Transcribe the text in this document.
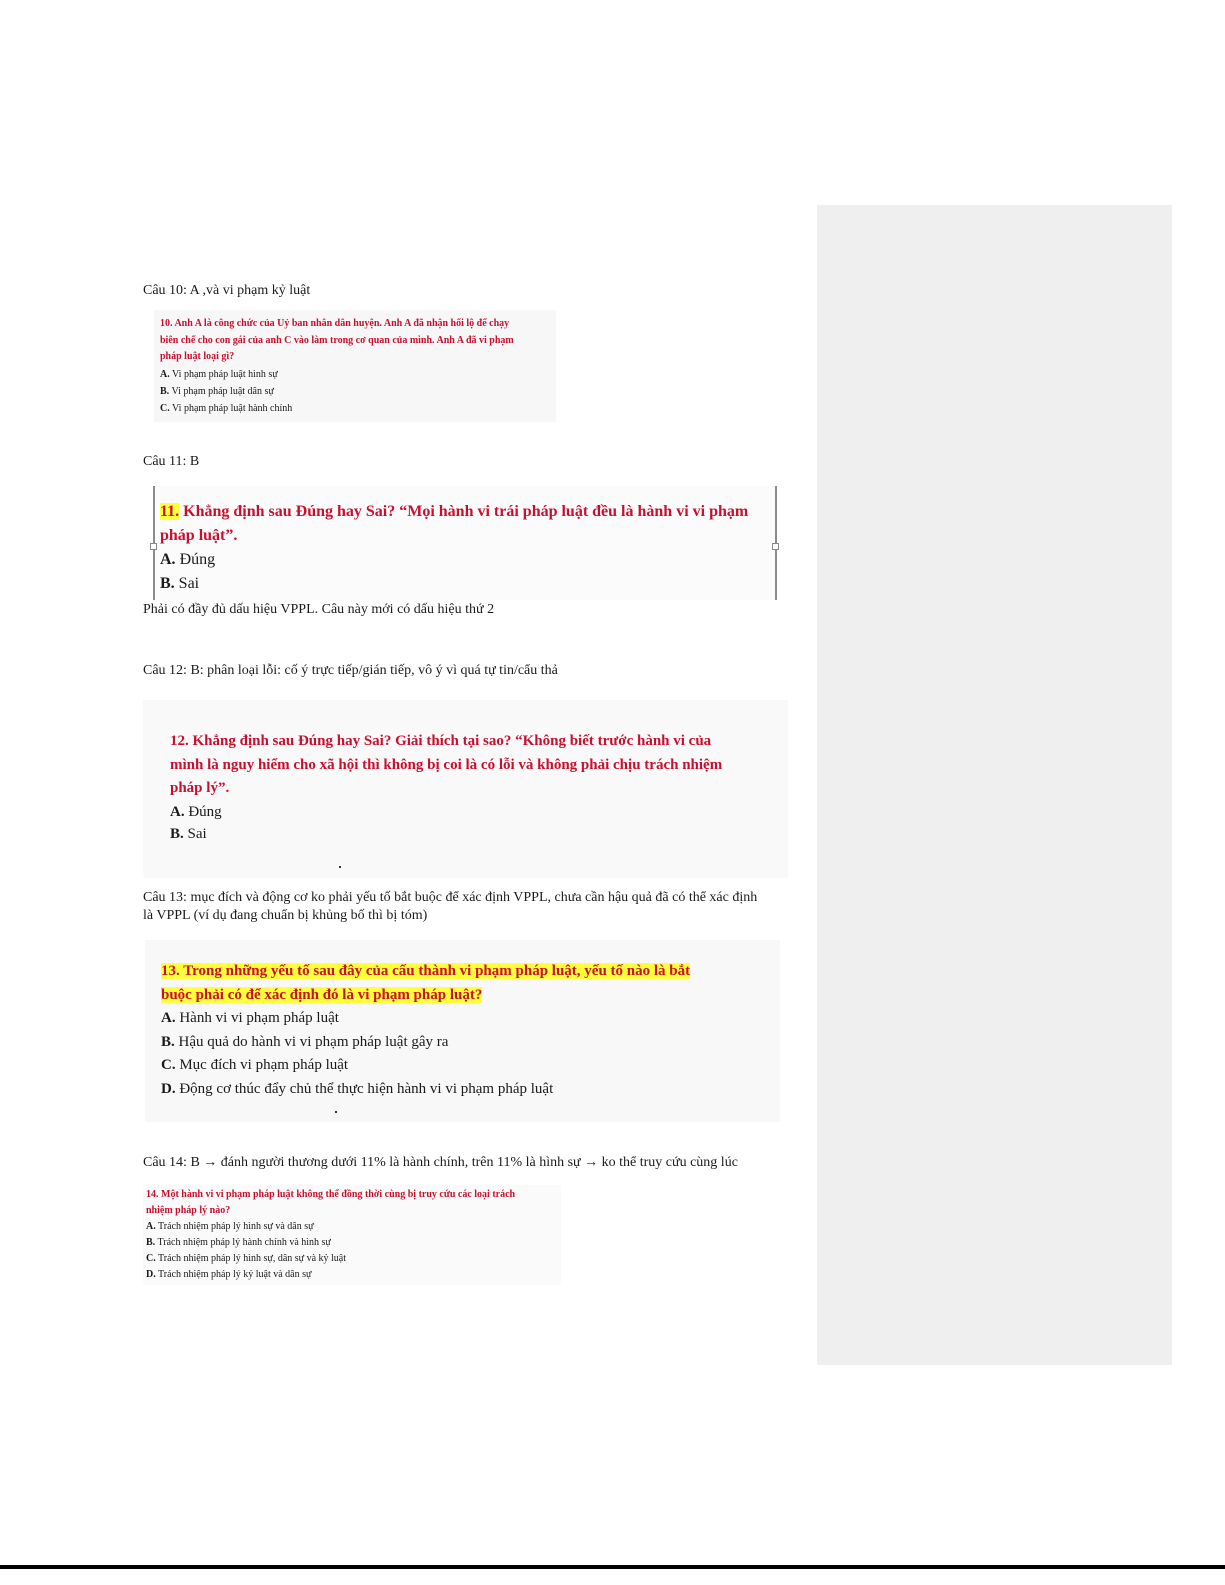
Câu 10: A ,và vi phạm kỷ luật

10. Anh A là công chức của Uỷ ban nhân dân huyện. Anh A đã nhận hối lộ để chạy

biên chế cho con gái của anh C vào làm trong cơ quan của mình. Anh A đã vi phạm

pháp luật loại gì?

A. Vi phạm pháp luật hình sự

B. Vi phạm pháp luật dân sự

C. Vi phạm pháp luật hành chính

Câu 11: B

11. Khẳng định sau Đúng hay Sai? “Mọi hành vi trái pháp luật đều là hành vi vi phạm

pháp luật”.

A. Đúng

B. Sai

Phải có đầy đủ dấu hiệu VPPL. Câu này mới có dấu hiệu thứ 2

Câu 12: B: phân loại lỗi: cố ý trực tiếp/gián tiếp, vô ý vì quá tự tin/cẩu thả

12. Khẳng định sau Đúng hay Sai? Giải thích tại sao? “Không biết trước hành vi của

mình là nguy hiểm cho xã hội thì không bị coi là có lỗi và không phải chịu trách nhiệm

pháp lý”.

A. Đúng

B. Sai

Câu 13: mục đích và động cơ ko phải yếu tố bắt buộc để xác định VPPL, chưa cần hậu quả đã có thể xác định

là VPPL (ví dụ đang chuẩn bị khủng bố thì bị tóm)

13. Trong những yếu tố sau đây của cấu thành vi phạm pháp luật, yếu tố nào là bắt

buộc phải có để xác định đó là vi phạm pháp luật?

A. Hành vi vi phạm pháp luật

B. Hậu quả do hành vi vi phạm pháp luật gây ra

C. Mục đích vi phạm pháp luật

D. Động cơ thúc đẩy chủ thể thực hiện hành vi vi phạm pháp luật

Câu 14: B → đánh người thương dưới 11% là hành chính, trên 11% là hình sự → ko thể truy cứu cùng lúc

14. Một hành vi vi phạm pháp luật không thể đồng thời cùng bị truy cứu các loại trách

nhiệm pháp lý nào?

A. Trách nhiệm pháp lý hình sự và dân sự

B. Trách nhiệm pháp lý hành chính và hình sự

C. Trách nhiệm pháp lý hình sự, dân sự và kỷ luật

D. Trách nhiệm pháp lý kỷ luật và dân sự
